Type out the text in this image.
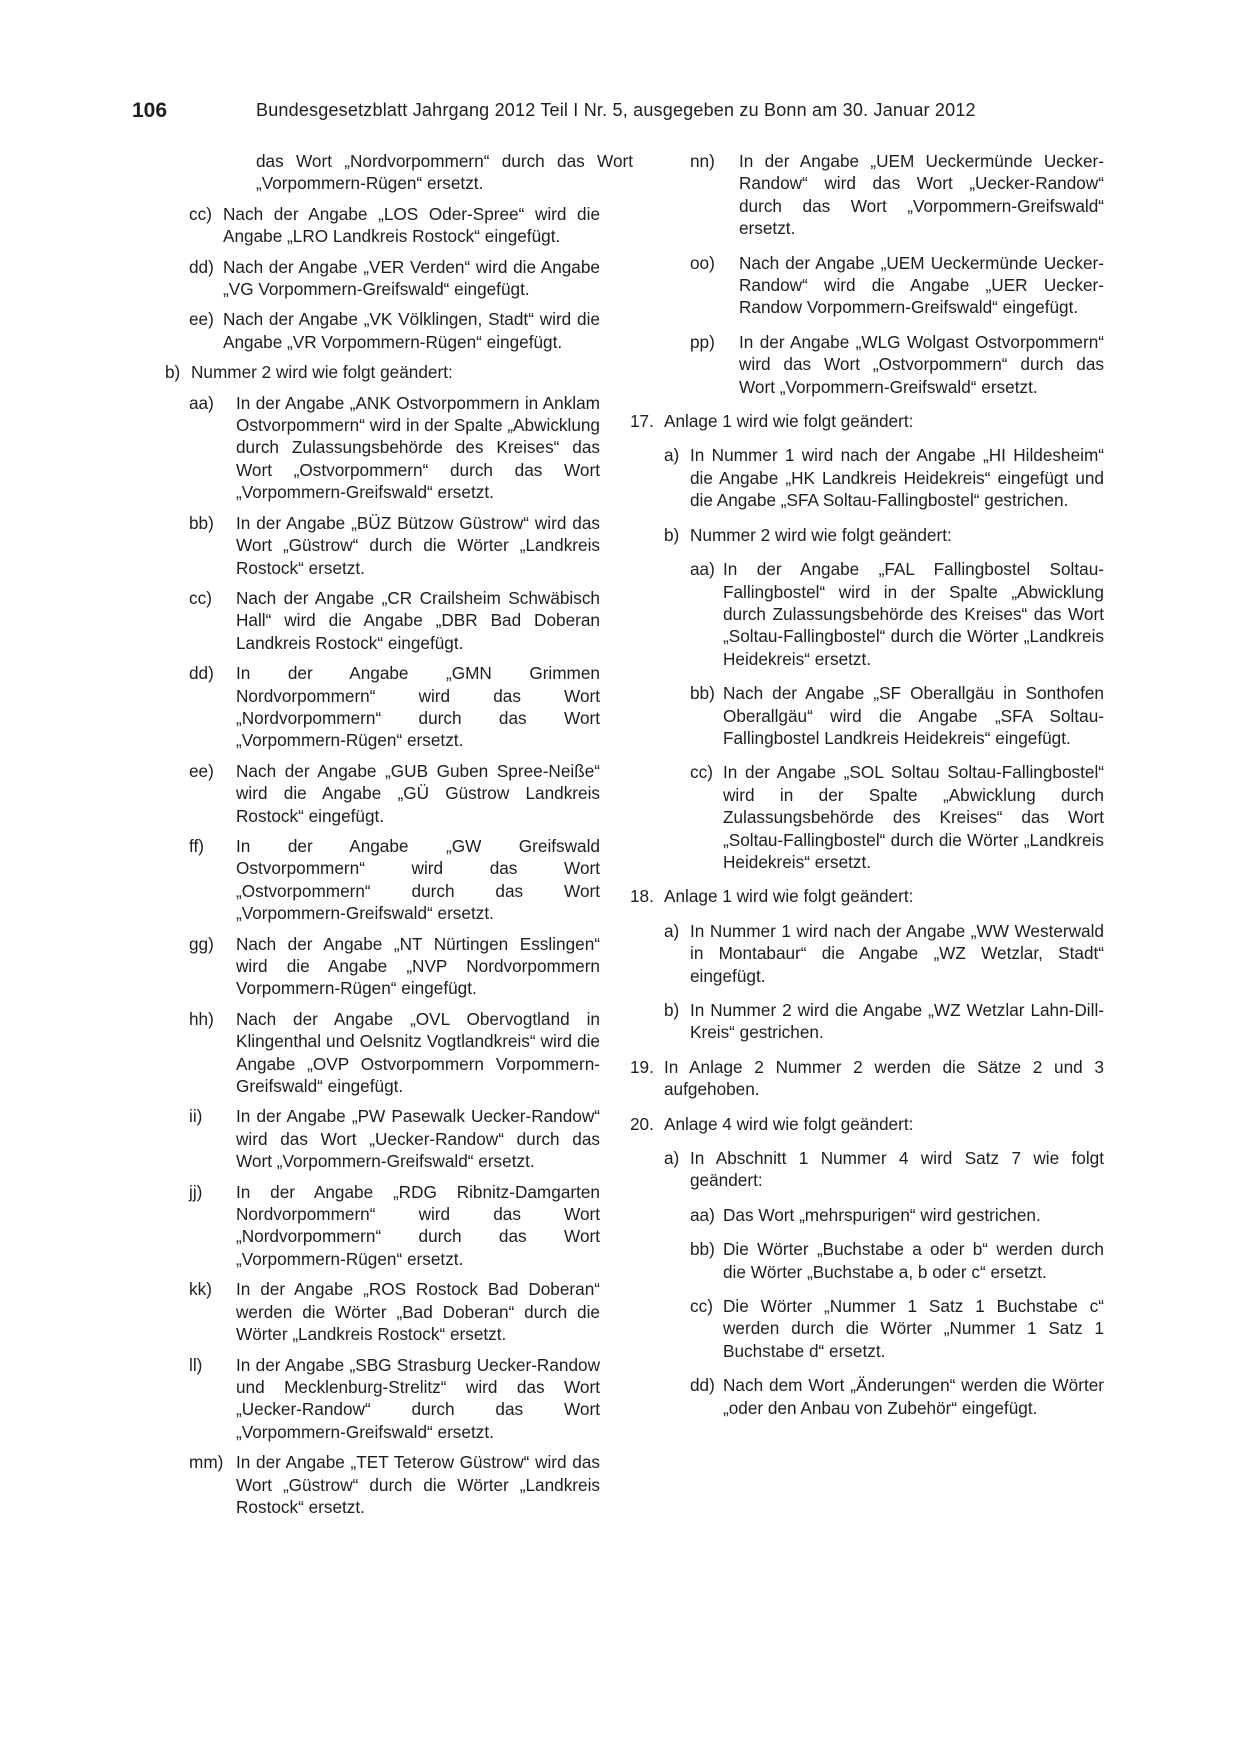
106	Bundesgesetzblatt Jahrgang 2012 Teil I Nr. 5, ausgegeben zu Bonn am 30. Januar 2012
das Wort „Nordvorpommern“ durch das Wort „Vorpommern-Rügen“ ersetzt.
cc) Nach der Angabe „LOS Oder-Spree“ wird die Angabe „LRO Landkreis Rostock“ eingefügt.
dd) Nach der Angabe „VER Verden“ wird die Angabe „VG Vorpommern-Greifswald“ eingefügt.
ee) Nach der Angabe „VK Völklingen, Stadt“ wird die Angabe „VR Vorpommern-Rügen“ eingefügt.
b) Nummer 2 wird wie folgt geändert:
aa) In der Angabe „ANK Ostvorpommern in Anklam Ostvorpommern“ wird in der Spalte „Abwicklung durch Zulassungsbehörde des Kreises“ das Wort „Ostvorpommern“ durch das Wort „Vorpommern-Greifswald“ ersetzt.
bb) In der Angabe „BÜZ Bützow Güstrow“ wird das Wort „Güstrow“ durch die Wörter „Landkreis Rostock“ ersetzt.
cc) Nach der Angabe „CR Crailsheim Schwäbisch Hall“ wird die Angabe „DBR Bad Doberan Landkreis Rostock“ eingefügt.
dd) In der Angabe „GMN Grimmen Nordvorpommern“ wird das Wort „Nordvorpommern“ durch das Wort „Vorpommern-Rügen“ ersetzt.
ee) Nach der Angabe „GUB Guben Spree-Neiße“ wird die Angabe „GÜ Güstrow Landkreis Rostock“ eingefügt.
ff) In der Angabe „GW Greifswald Ostvorpommern“ wird das Wort „Ostvorpommern“ durch das Wort „Vorpommern-Greifswald“ ersetzt.
gg) Nach der Angabe „NT Nürtingen Esslingen“ wird die Angabe „NVP Nordvorpommern Vorpommern-Rügen“ eingefügt.
hh) Nach der Angabe „OVL Obervogtland in Klingenthal und Oelsnitz Vogtlandkreis“ wird die Angabe „OVP Ostvorpommern Vorpommern-Greifswald“ eingefügt.
ii) In der Angabe „PW Pasewalk Uecker-Randow“ wird das Wort „Uecker-Randow“ durch das Wort „Vorpommern-Greifswald“ ersetzt.
jj) In der Angabe „RDG Ribnitz-Damgarten Nordvorpommern“ wird das Wort „Nordvorpommern“ durch das Wort „Vorpommern-Rügen“ ersetzt.
kk) In der Angabe „ROS Rostock Bad Doberan“ werden die Wörter „Bad Doberan“ durch die Wörter „Landkreis Rostock“ ersetzt.
ll) In der Angabe „SBG Strasburg Uecker-Randow und Mecklenburg-Strelitz“ wird das Wort „Uecker-Randow“ durch das Wort „Vorpommern-Greifswald“ ersetzt.
mm) In der Angabe „TET Teterow Güstrow“ wird das Wort „Güstrow“ durch die Wörter „Landkreis Rostock“ ersetzt.
nn) In der Angabe „UEM Ueckermünde Uecker-Randow“ wird das Wort „Uecker-Randow“ durch das Wort „Vorpommern-Greifswald“ ersetzt.
oo) Nach der Angabe „UEM Ueckermünde Uecker-Randow“ wird die Angabe „UER Uecker-Randow Vorpommern-Greifswald“ eingefügt.
pp) In der Angabe „WLG Wolgast Ostvorpommern“ wird das Wort „Ostvorpommern“ durch das Wort „Vorpommern-Greifswald“ ersetzt.
17. Anlage 1 wird wie folgt geändert:
a) In Nummer 1 wird nach der Angabe „HI Hildesheim“ die Angabe „HK Landkreis Heidekreis“ eingefügt und die Angabe „SFA Soltau-Fallingbostel“ gestrichen.
b) Nummer 2 wird wie folgt geändert:
aa) In der Angabe „FAL Fallingbostel Soltau-Fallingbostel“ wird in der Spalte „Abwicklung durch Zulassungsbehörde des Kreises“ das Wort „Soltau-Fallingbostel“ durch die Wörter „Landkreis Heidekreis“ ersetzt.
bb) Nach der Angabe „SF Oberallgäu in Sonthofen Oberallgäu“ wird die Angabe „SFA Soltau-Fallingbostel Landkreis Heidekreis“ eingefügt.
cc) In der Angabe „SOL Soltau Soltau-Fallingbostel“ wird in der Spalte „Abwicklung durch Zulassungsbehörde des Kreises“ das Wort „Soltau-Fallingbostel“ durch die Wörter „Landkreis Heidekreis“ ersetzt.
18. Anlage 1 wird wie folgt geändert:
a) In Nummer 1 wird nach der Angabe „WW Westerwald in Montabaur“ die Angabe „WZ Wetzlar, Stadt“ eingefügt.
b) In Nummer 2 wird die Angabe „WZ Wetzlar Lahn-Dill-Kreis“ gestrichen.
19. In Anlage 2 Nummer 2 werden die Sätze 2 und 3 aufgehoben.
20. Anlage 4 wird wie folgt geändert:
a) In Abschnitt 1 Nummer 4 wird Satz 7 wie folgt geändert:
aa) Das Wort „mehrspurigen“ wird gestrichen.
bb) Die Wörter „Buchstabe a oder b“ werden durch die Wörter „Buchstabe a, b oder c“ ersetzt.
cc) Die Wörter „Nummer 1 Satz 1 Buchstabe c“ werden durch die Wörter „Nummer 1 Satz 1 Buchstabe d“ ersetzt.
dd) Nach dem Wort „Änderungen“ werden die Wörter „oder den Anbau von Zubehör“ eingefügt.
